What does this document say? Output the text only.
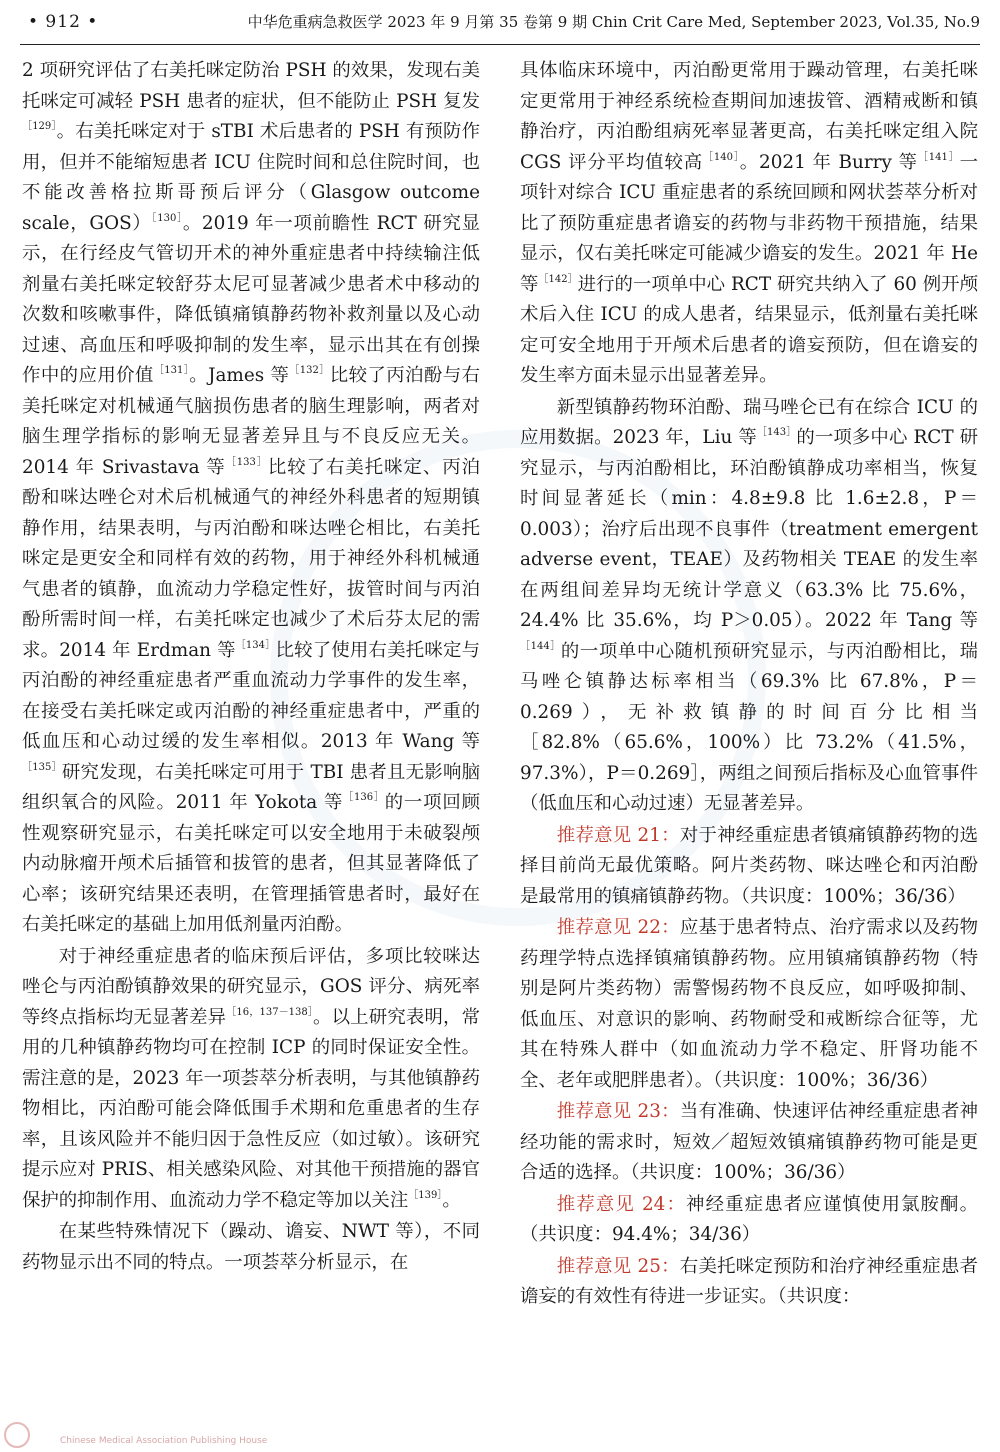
• 912 •	中华危重病急救医学 2023 年 9 月第 35 卷第 9 期 Chin Crit Care Med, September 2023, Vol.35, No.9

2 项研究评估了右美托咪定防治 PSH 的效果，发现右美托咪定可减轻 PSH 患者的症状，但不能防止 PSH 复发$^{[129]}$。右美托咪定对于 sTBI 术后患者的 PSH 有预防作用，但并不能缩短患者 ICU 住院时间和总住院时间，也不能改善格拉斯哥预后评分（Glasgow outcome scale，GOS）$^{[130]}$。2019 年一项前瞻性 RCT 研究显示，在行经皮气管切开术的神外重症患者中持续输注低剂量右美托咪定较舒芬太尼可显著减少患者术中移动的次数和咳嗽事件，降低镇痛镇静药物补救剂量以及心动过速、高血压和呼吸抑制的发生率，显示出其在有创操作中的应用价值$^{[131]}$。James 等$^{[132]}$比较了丙泊酚与右美托咪定对机械通气脑损伤患者的脑生理影响，两者对脑生理学指标的影响无显著差异且与不良反应无关。2014 年 Srivastava 等$^{[133]}$比较了右美托咪定、丙泊酚和咪达唑仑对术后机械通气的神经外科患者的短期镇静作用，结果表明，与丙泊酚和咪达唑仑相比，右美托咪定是更安全和同样有效的药物，用于神经外科机械通气患者的镇静，血流动力学稳定性好，拔管时间与丙泊酚所需时间一样，右美托咪定也减少了术后芬太尼的需求。2014 年 Erdman 等$^{[134]}$比较了使用右美托咪定与丙泊酚的神经重症患者严重血流动力学事件的发生率，在接受右美托咪定或丙泊酚的神经重症患者中，严重的低血压和心动过缓的发生率相似。2013 年 Wang 等$^{[135]}$研究发现，右美托咪定可用于 TBI 患者且无影响脑组织氧合的风险。2011 年 Yokota 等$^{[136]}$的一项回顾性观察研究显示，右美托咪定可以安全地用于未破裂颅内动脉瘤开颅术后插管和拔管的患者，但其显著降低了心率；该研究结果还表明，在管理插管患者时，最好在右美托咪定的基础上加用低剂量丙泊酚。

对于神经重症患者的临床预后评估，多项比较咪达唑仑与丙泊酚镇静效果的研究显示，GOS 评分、病死率等终点指标均无显著差异$^{[16,137-138]}$。以上研究表明，常用的几种镇静药物均可在控制 ICP 的同时保证安全性。需注意的是，2023 年一项荟萃分析表明，与其他镇静药物相比，丙泊酚可能会降低围手术期和危重患者的生存率，且该风险并不能归因于急性反应（如过敏）。该研究提示应对 PRIS、相关感染风险、对其他干预措施的器官保护的抑制作用、血流动力学不稳定等加以关注$^{[139]}$。

在某些特殊情况下（躁动、谵妄、NWT 等），不同药物显示出不同的特点。一项荟萃分析显示，在

具体临床环境中，丙泊酚更常用于躁动管理，右美托咪定更常用于神经系统检查期间加速拔管、酒精戒断和镇静治疗，丙泊酚组病死率显著更高，右美托咪定组入院 CGS 评分平均值较高$^{[140]}$。2021 年 Burry 等$^{[141]}$一项针对综合 ICU 重症患者的系统回顾和网状荟萃分析对比了预防重症患者谵妄的药物与非药物干预措施，结果显示，仅右美托咪定可能减少谵妄的发生。2021 年 He 等$^{[142]}$进行的一项单中心 RCT 研究共纳入了 60 例开颅术后入住 ICU 的成人患者，结果显示，低剂量右美托咪定可安全地用于开颅术后患者的谵妄预防，但在谵妄的发生率方面未显示出显著差异。

新型镇静药物环泊酚、瑞马唑仑已有在综合 ICU 的应用数据。2023 年，Liu 等$^{[143]}$的一项多中心 RCT 研究显示，与丙泊酚相比，环泊酚镇静成功率相当，恢复时间显著延长（min：4.8±9.8 比 1.6±2.8，P＝0.003）；治疗后出现不良事件（treatment emergent adverse event，TEAE）及药物相关 TEAE 的发生率在两组间差异均无统计学意义（63.3% 比 75.6%，24.4% 比 35.6%，均 P＞0.05）。2022 年 Tang 等$^{[144]}$的一项单中心随机预研究显示，与丙泊酚相比，瑞马唑仑镇静达标率相当（69.3% 比 67.8%，P＝0.269），无补救镇静的时间百分比相当［82.8%（65.6%，100%）比 73.2%（41.5%，97.3%），P＝0.269］，两组之间预后指标及心血管事件（低血压和心动过速）无显著差异。

推荐意见 21：对于神经重症患者镇痛镇静药物的选择目前尚无最优策略。阿片类药物、咪达唑仑和丙泊酚是最常用的镇痛镇静药物。（共识度：100%；36/36）

推荐意见 22：应基于患者特点、治疗需求以及药物药理学特点选择镇痛镇静药物。应用镇痛镇静药物（特别是阿片类药物）需警惕药物不良反应，如呼吸抑制、低血压、对意识的影响、药物耐受和戒断综合征等，尤其在特殊人群中（如血流动力学不稳定、肝肾功能不全、老年或肥胖患者）。（共识度：100%；36/36）

推荐意见 23：当有准确、快速评估神经重症患者神经功能的需求时，短效／超短效镇痛镇静药物可能是更合适的选择。（共识度：100%；36/36）

推荐意见 24：神经重症患者应谨慎使用氯胺酮。（共识度：94.4%；34/36）

推荐意见 25：右美托咪定预防和治疗神经重症患者谵妄的有效性有待进一步证实。（共识度：

Chinese Medical Association Publishing House
